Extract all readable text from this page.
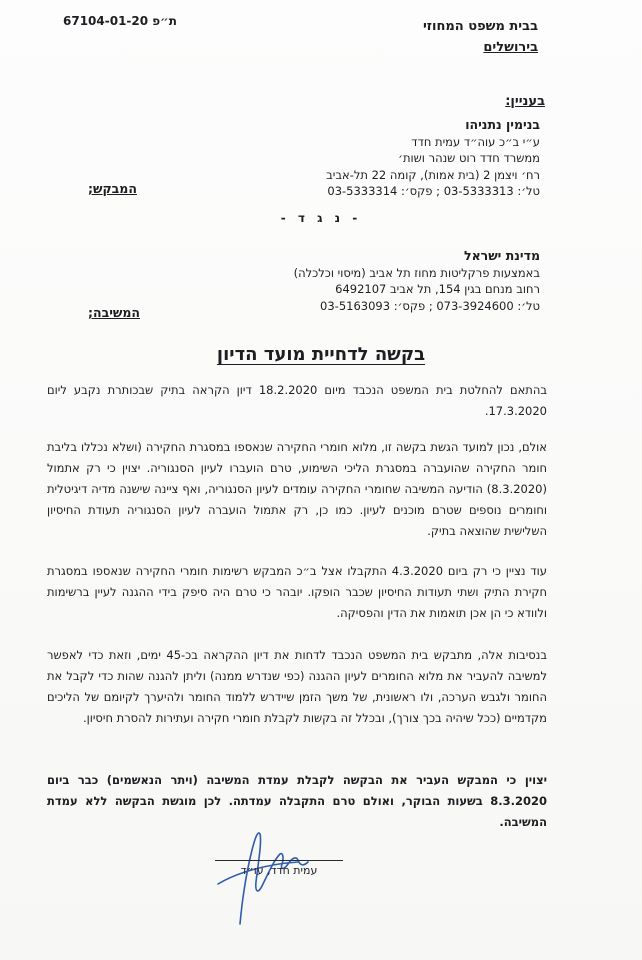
בבית משפט המחוזי
בירושלים
ת״פ 67104-01-20
בעניין:
בנימין נתניהו
ע״י ב״כ עוה״ד עמית חדד
ממשרד חדד רוט שנהר ושות׳
רח׳ ויצמן 2 (בית אמות), קומה 22 תל-אביב
טל׳: 03-5333313 ; פקס׳: 03-5333314
המבקש;
- נ ג ד -
מדינת ישראל
באמצעות פרקליטות מחוז תל אביב (מיסוי וכלכלה)
רחוב מנחם בגין 154, תל אביב 6492107
טל׳: 073-3924600 ; פקס׳: 03-5163093
המשיבה;
בקשה לדחיית מועד הדיון
בהתאם להחלטת בית המשפט הנכבד מיום 18.2.2020 דיון הקראה בתיק שבכותרת נקבע ליום 17.3.2020.
אולם, נכון למועד הגשת בקשה זו, מלוא חומרי החקירה שנאספו במסגרת החקירה (ושלא נכללו בליבת חומר החקירה שהועברה במסגרת הליכי השימוע, טרם הועברו לעיון הסנגוריה. יצוין כי רק אתמול (8.3.2020) הודיעה המשיבה שחומרי החקירה עומדים לעיון הסנגוריה, ואף ציינה שישנה מדיה דיגיטלית וחומרים נוספים שטרם מוכנים לעיון. כמו כן, רק אתמול הועברה לעיון הסנגוריה תעודת החיסיון השלישית שהוצאה בתיק.
עוד נציין כי רק ביום 4.3.2020 התקבלו אצל ב״כ המבקש רשימות חומרי החקירה שנאספו במסגרת חקירת התיק ושתי תעודות החיסיון שכבר הופקו. יובהר כי טרם היה סיפק בידי ההגנה לעיין ברשימות ולוודא כי הן אכן תואמות את הדין והפסיקה.
בנסיבות אלה, מתבקש בית המשפט הנכבד לדחות את דיון ההקראה בכ-45 ימים, וזאת כדי לאפשר למשיבה להעביר את מלוא החומרים לעיון ההגנה (כפי שנדרש ממנה) וליתן להגנה שהות כדי לקבל את החומר ולגבש הערכה, ולו ראשונית, של משך הזמן שיידרש ללמוד החומר ולהיערך לקיומם של הליכים מקדמיים (ככל שיהיה בכך צורך), ובכלל זה בקשות לקבלת חומרי חקירה ועתירות להסרת חיסיון.
יצוין כי המבקש העביר את הבקשה לקבלת עמדת המשיבה (ויתר הנאשמים) כבר ביום 8.3.2020 בשעות הבוקר, ואולם טרם התקבלה עמדתה. לכן מוגשת הבקשה ללא עמדת המשיבה.
עמית חדד, עו״ד
